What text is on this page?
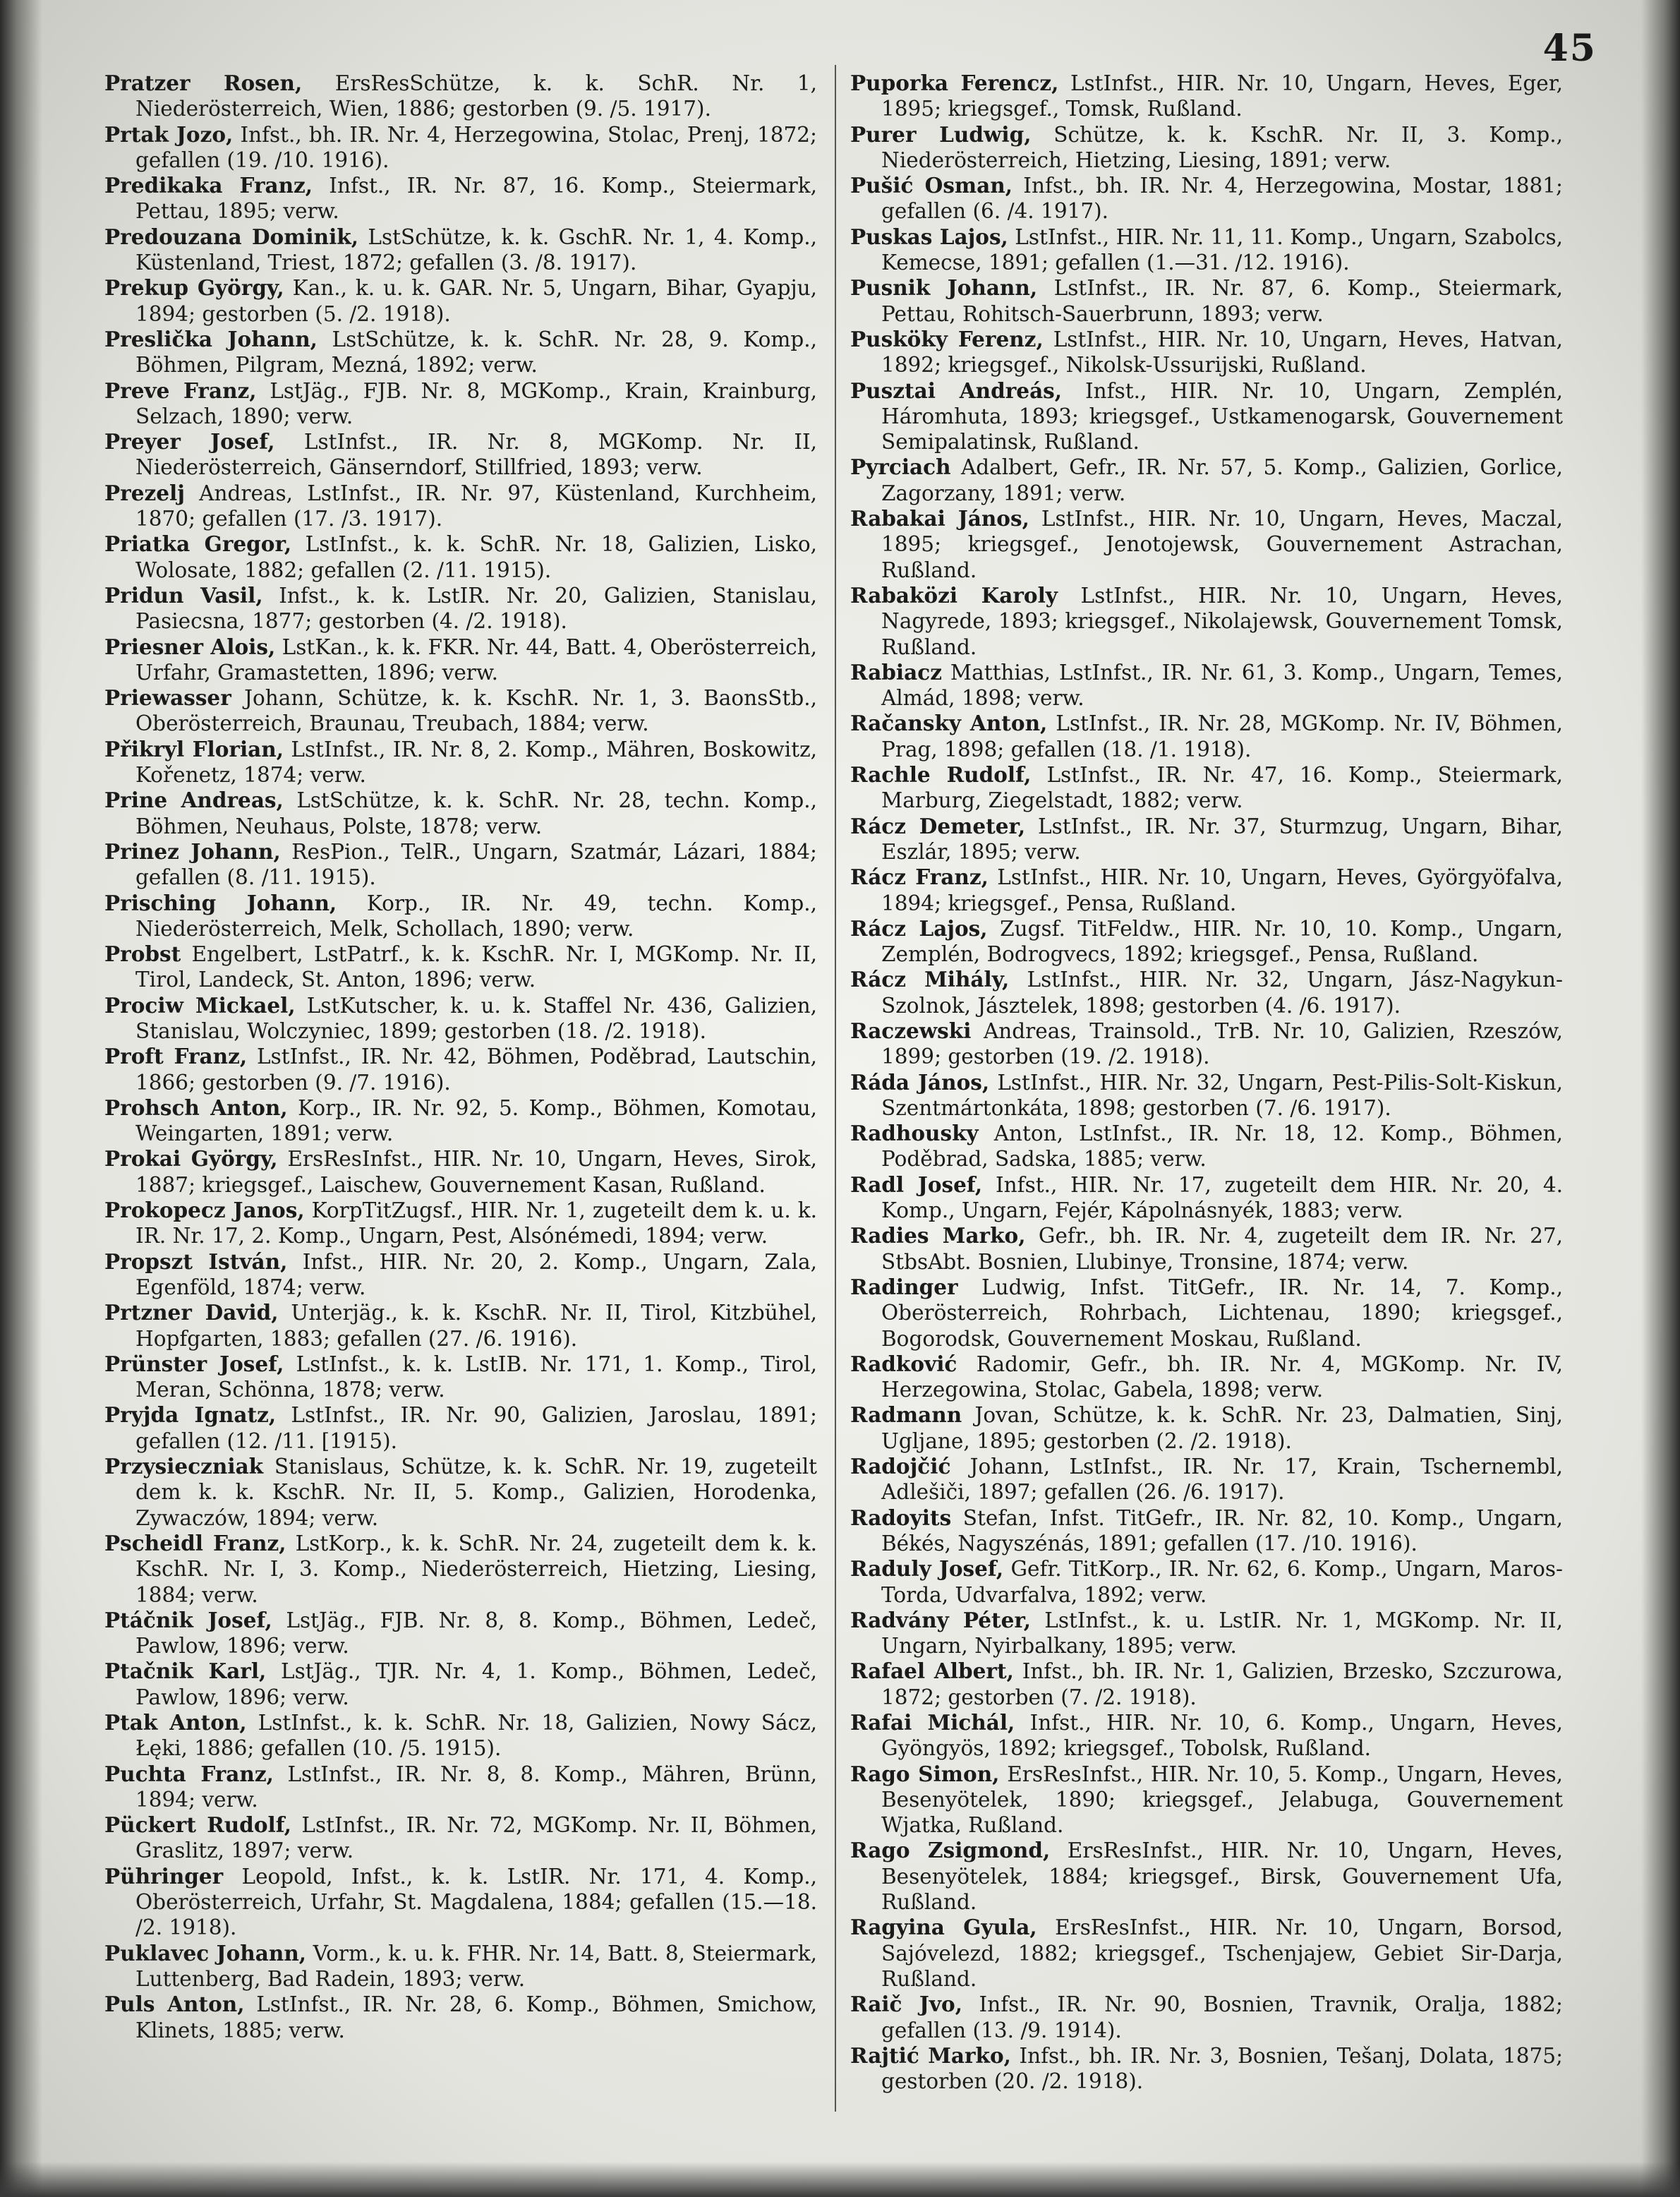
45

Pratzer Rosen, ErsResSchütze, k. k. SchR. Nr. 1, Niederösterreich, Wien, 1886; gestorben (9. /5. 1917).

Prtak Jozo, Infst., bh. IR. Nr. 4, Herzegowina, Stolac, Prenj, 1872; gefallen (19. /10. 1916).

Predikaka Franz, Infst., IR. Nr. 87, 16. Komp., Steiermark, Pettau, 1895; verw.

Predouzana Dominik, LstSchütze, k. k. GschR. Nr. 1, 4. Komp., Küstenland, Triest, 1872; gefallen (3. /8. 1917).

Prekup György, Kan., k. u. k. GAR. Nr. 5, Ungarn, Bihar, Gyapju, 1894; gestorben (5. /2. 1918).

Preslička Johann, LstSchütze, k. k. SchR. Nr. 28, 9. Komp., Böhmen, Pilgram, Mezná, 1892; verw.

Preve Franz, LstJäg., FJB. Nr. 8, MGKomp., Krain, Krainburg, Selzach, 1890; verw.

Preyer Josef, LstInfst., IR. Nr. 8, MGKomp. Nr. II, Niederösterreich, Gänserndorf, Stillfried, 1893; verw.

Prezelj Andreas, LstInfst., IR. Nr. 97, Küstenland, Kurchheim, 1870; gefallen (17. /3. 1917).

Priatka Gregor, LstInfst., k. k. SchR. Nr. 18, Galizien, Lisko, Wolosate, 1882; gefallen (2. /11. 1915).

Pridun Vasil, Infst., k. k. LstIR. Nr. 20, Galizien, Stanislau, Pasiecsna, 1877; gestorben (4. /2. 1918).

Priesner Alois, LstKan., k. k. FKR. Nr. 44, Batt. 4, Oberösterreich, Urfahr, Gramastetten, 1896; verw.

Priewasser Johann, Schütze, k. k. KschR. Nr. 1, 3. BaonsStb., Oberösterreich, Braunau, Treubach, 1884; verw.

Přikryl Florian, LstInfst., IR. Nr. 8, 2. Komp., Mähren, Boskowitz, Kořenetz, 1874; verw.

Prine Andreas, LstSchütze, k. k. SchR. Nr. 28, techn. Komp., Böhmen, Neuhaus, Polste, 1878; verw.

Prinez Johann, ResPion., TelR., Ungarn, Szatmár, Lázari, 1884; gefallen (8. /11. 1915).

Prisching Johann, Korp., IR. Nr. 49, techn. Komp., Niederösterreich, Melk, Schollach, 1890; verw.

Probst Engelbert, LstPatrf., k. k. KschR. Nr. I, MGKomp. Nr. II, Tirol, Landeck, St. Anton, 1896; verw.

Prociw Mickael, LstKutscher, k. u. k. Staffel Nr. 436, Galizien, Stanislau, Wolczyniec, 1899; gestorben (18. /2. 1918).

Proft Franz, LstInfst., IR. Nr. 42, Böhmen, Poděbrad, Lautschin, 1866; gestorben (9. /7. 1916).

Prohsch Anton, Korp., IR. Nr. 92, 5. Komp., Böhmen, Komotau, Weingarten, 1891; verw.

Prokai György, ErsResInfst., HIR. Nr. 10, Ungarn, Heves, Sirok, 1887; kriegsgef., Laischew, Gouvernement Kasan, Rußland.

Prokopecz Janos, KorpTitZugsf., HIR. Nr. 1, zugeteilt dem k. u. k. IR. Nr. 17, 2. Komp., Ungarn, Pest, Alsónémedi, 1894; verw.

Propszt István, Infst., HIR. Nr. 20, 2. Komp., Ungarn, Zala, Egenföld, 1874; verw.

Prtzner David, Unterjäg., k. k. KschR. Nr. II, Tirol, Kitzbühel, Hopfgarten, 1883; gefallen (27. /6. 1916).

Prünster Josef, LstInfst., k. k. LstIB. Nr. 171, 1. Komp., Tirol, Meran, Schönna, 1878; verw.

Pryjda Ignatz, LstInfst., IR. Nr. 90, Galizien, Jaroslau, 1891; gefallen (12. /11. [1915).

Przysieczniak Stanislaus, Schütze, k. k. SchR. Nr. 19, zugeteilt dem k. k. KschR. Nr. II, 5. Komp., Galizien, Horodenka, Zywaczów, 1894; verw.

Pscheidl Franz, LstKorp., k. k. SchR. Nr. 24, zugeteilt dem k. k. KschR. Nr. I, 3. Komp., Niederösterreich, Hietzing, Liesing, 1884; verw.

Ptáčnik Josef, LstJäg., FJB. Nr. 8, 8. Komp., Böhmen, Ledeč, Pawlow, 1896; verw.

Ptačnik Karl, LstJäg., TJR. Nr. 4, 1. Komp., Böhmen, Ledeč, Pawlow, 1896; verw.

Ptak Anton, LstInfst., k. k. SchR. Nr. 18, Galizien, Nowy Sácz, Łęki, 1886; gefallen (10. /5. 1915).

Puchta Franz, LstInfst., IR. Nr. 8, 8. Komp., Mähren, Brünn, 1894; verw.

Pückert Rudolf, LstInfst., IR. Nr. 72, MGKomp. Nr. II, Böhmen, Graslitz, 1897; verw.

Pühringer Leopold, Infst., k. k. LstIR. Nr. 171, 4. Komp., Oberösterreich, Urfahr, St. Magdalena, 1884; gefallen (15.—18. /2. 1918).

Puklavec Johann, Vorm., k. u. k. FHR. Nr. 14, Batt. 8, Steiermark, Luttenberg, Bad Radein, 1893; verw.

Puls Anton, LstInfst., IR. Nr. 28, 6. Komp., Böhmen, Smichow, Klinets, 1885; verw.

Puporka Ferencz, LstInfst., HIR. Nr. 10, Ungarn, Heves, Eger, 1895; kriegsgef., Tomsk, Rußland.

Purer Ludwig, Schütze, k. k. KschR. Nr. II, 3. Komp., Niederösterreich, Hietzing, Liesing, 1891; verw.

Pušić Osman, Infst., bh. IR. Nr. 4, Herzegowina, Mostar, 1881; gefallen (6. /4. 1917).

Puskas Lajos, LstInfst., HIR. Nr. 11, 11. Komp., Ungarn, Szabolcs, Kemecse, 1891; gefallen (1.—31. /12. 1916).

Pusnik Johann, LstInfst., IR. Nr. 87, 6. Komp., Steiermark, Pettau, Rohitsch-Sauerbrunn, 1893; verw.

Pusköky Ferenz, LstInfst., HIR. Nr. 10, Ungarn, Heves, Hatvan, 1892; kriegsgef., Nikolsk-Ussurijski, Rußland.

Pusztai Andreás, Infst., HIR. Nr. 10, Ungarn, Zemplén, Háromhuta, 1893; kriegsgef., Ustkamenogarsk, Gouvernement Semipalatinsk, Rußland.

Pyrciach Adalbert, Gefr., IR. Nr. 57, 5. Komp., Galizien, Gorlice, Zagorzany, 1891; verw.

Rabakai János, LstInfst., HIR. Nr. 10, Ungarn, Heves, Maczal, 1895; kriegsgef., Jenotojewsk, Gouvernement Astrachan, Rußland.

Rabaközi Karoly LstInfst., HIR. Nr. 10, Ungarn, Heves, Nagyrede, 1893; kriegsgef., Nikolajewsk, Gouvernement Tomsk, Rußland.

Rabiacz Matthias, LstInfst., IR. Nr. 61, 3. Komp., Ungarn, Temes, Almád, 1898; verw.

Račansky Anton, LstInfst., IR. Nr. 28, MGKomp. Nr. IV, Böhmen, Prag, 1898; gefallen (18. /1. 1918).

Rachle Rudolf, LstInfst., IR. Nr. 47, 16. Komp., Steiermark, Marburg, Ziegelstadt, 1882; verw.

Rácz Demeter, LstInfst., IR. Nr. 37, Sturmzug, Ungarn, Bihar, Eszlár, 1895; verw.

Rácz Franz, LstInfst., HIR. Nr. 10, Ungarn, Heves, Györgyöfalva, 1894; kriegsgef., Pensa, Rußland.

Rácz Lajos, Zugsf. TitFeldw., HIR. Nr. 10, 10. Komp., Ungarn, Zemplén, Bodrogvecs, 1892; kriegsgef., Pensa, Rußland.

Rácz Mihály, LstInfst., HIR. Nr. 32, Ungarn, Jász-Nagykun-Szolnok, Jásztelek, 1898; gestorben (4. /6. 1917).

Raczewski Andreas, Trainsold., TrB. Nr. 10, Galizien, Rzeszów, 1899; gestorben (19. /2. 1918).

Ráda János, LstInfst., HIR. Nr. 32, Ungarn, Pest-Pilis-Solt-Kiskun, Szentmártonkáta, 1898; gestorben (7. /6. 1917).

Radhousky Anton, LstInfst., IR. Nr. 18, 12. Komp., Böhmen, Poděbrad, Sadska, 1885; verw.

Radl Josef, Infst., HIR. Nr. 17, zugeteilt dem HIR. Nr. 20, 4. Komp., Ungarn, Fejér, Kápolnásnyék, 1883; verw.

Radies Marko, Gefr., bh. IR. Nr. 4, zugeteilt dem IR. Nr. 27, StbsAbt. Bosnien, Llubinye, Tronsine, 1874; verw.

Radinger Ludwig, Infst. TitGefr., IR. Nr. 14, 7. Komp., Oberösterreich, Rohrbach, Lichtenau, 1890; kriegsgef., Bogorodsk, Gouvernement Moskau, Rußland.

Radković Radomir, Gefr., bh. IR. Nr. 4, MGKomp. Nr. IV, Herzegowina, Stolac, Gabela, 1898; verw.

Radmann Jovan, Schütze, k. k. SchR. Nr. 23, Dalmatien, Sinj, Ugljane, 1895; gestorben (2. /2. 1918).

Radojčić Johann, LstInfst., IR. Nr. 17, Krain, Tschernembl, Adlešiči, 1897; gefallen (26. /6. 1917).

Radoyits Stefan, Infst. TitGefr., IR. Nr. 82, 10. Komp., Ungarn, Békés, Nagyszénás, 1891; gefallen (17. /10. 1916).

Raduly Josef, Gefr. TitKorp., IR. Nr. 62, 6. Komp., Ungarn, Maros-Torda, Udvarfalva, 1892; verw.

Radvány Péter, LstInfst., k. u. LstIR. Nr. 1, MGKomp. Nr. II, Ungarn, Nyirbalkany, 1895; verw.

Rafael Albert, Infst., bh. IR. Nr. 1, Galizien, Brzesko, Szczurowa, 1872; gestorben (7. /2. 1918).

Rafai Michál, Infst., HIR. Nr. 10, 6. Komp., Ungarn, Heves, Gyöngyös, 1892; kriegsgef., Tobolsk, Rußland.

Rago Simon, ErsResInfst., HIR. Nr. 10, 5. Komp., Ungarn, Heves, Besenyötelek, 1890; kriegsgef., Jelabuga, Gouvernement Wjatka, Rußland.

Rago Zsigmond, ErsResInfst., HIR. Nr. 10, Ungarn, Heves, Besenyötelek, 1884; kriegsgef., Birsk, Gouvernement Ufa, Rußland.

Ragyina Gyula, ErsResInfst., HIR. Nr. 10, Ungarn, Borsod, Sajóvelezd, 1882; kriegsgef., Tschenjajew, Gebiet Sir-Darja, Rußland.

Raič Jvo, Infst., IR. Nr. 90, Bosnien, Travnik, Oralja, 1882; gefallen (13. /9. 1914).

Rajtić Marko, Infst., bh. IR. Nr. 3, Bosnien, Tešanj, Dolata, 1875; gestorben (20. /2. 1918).
